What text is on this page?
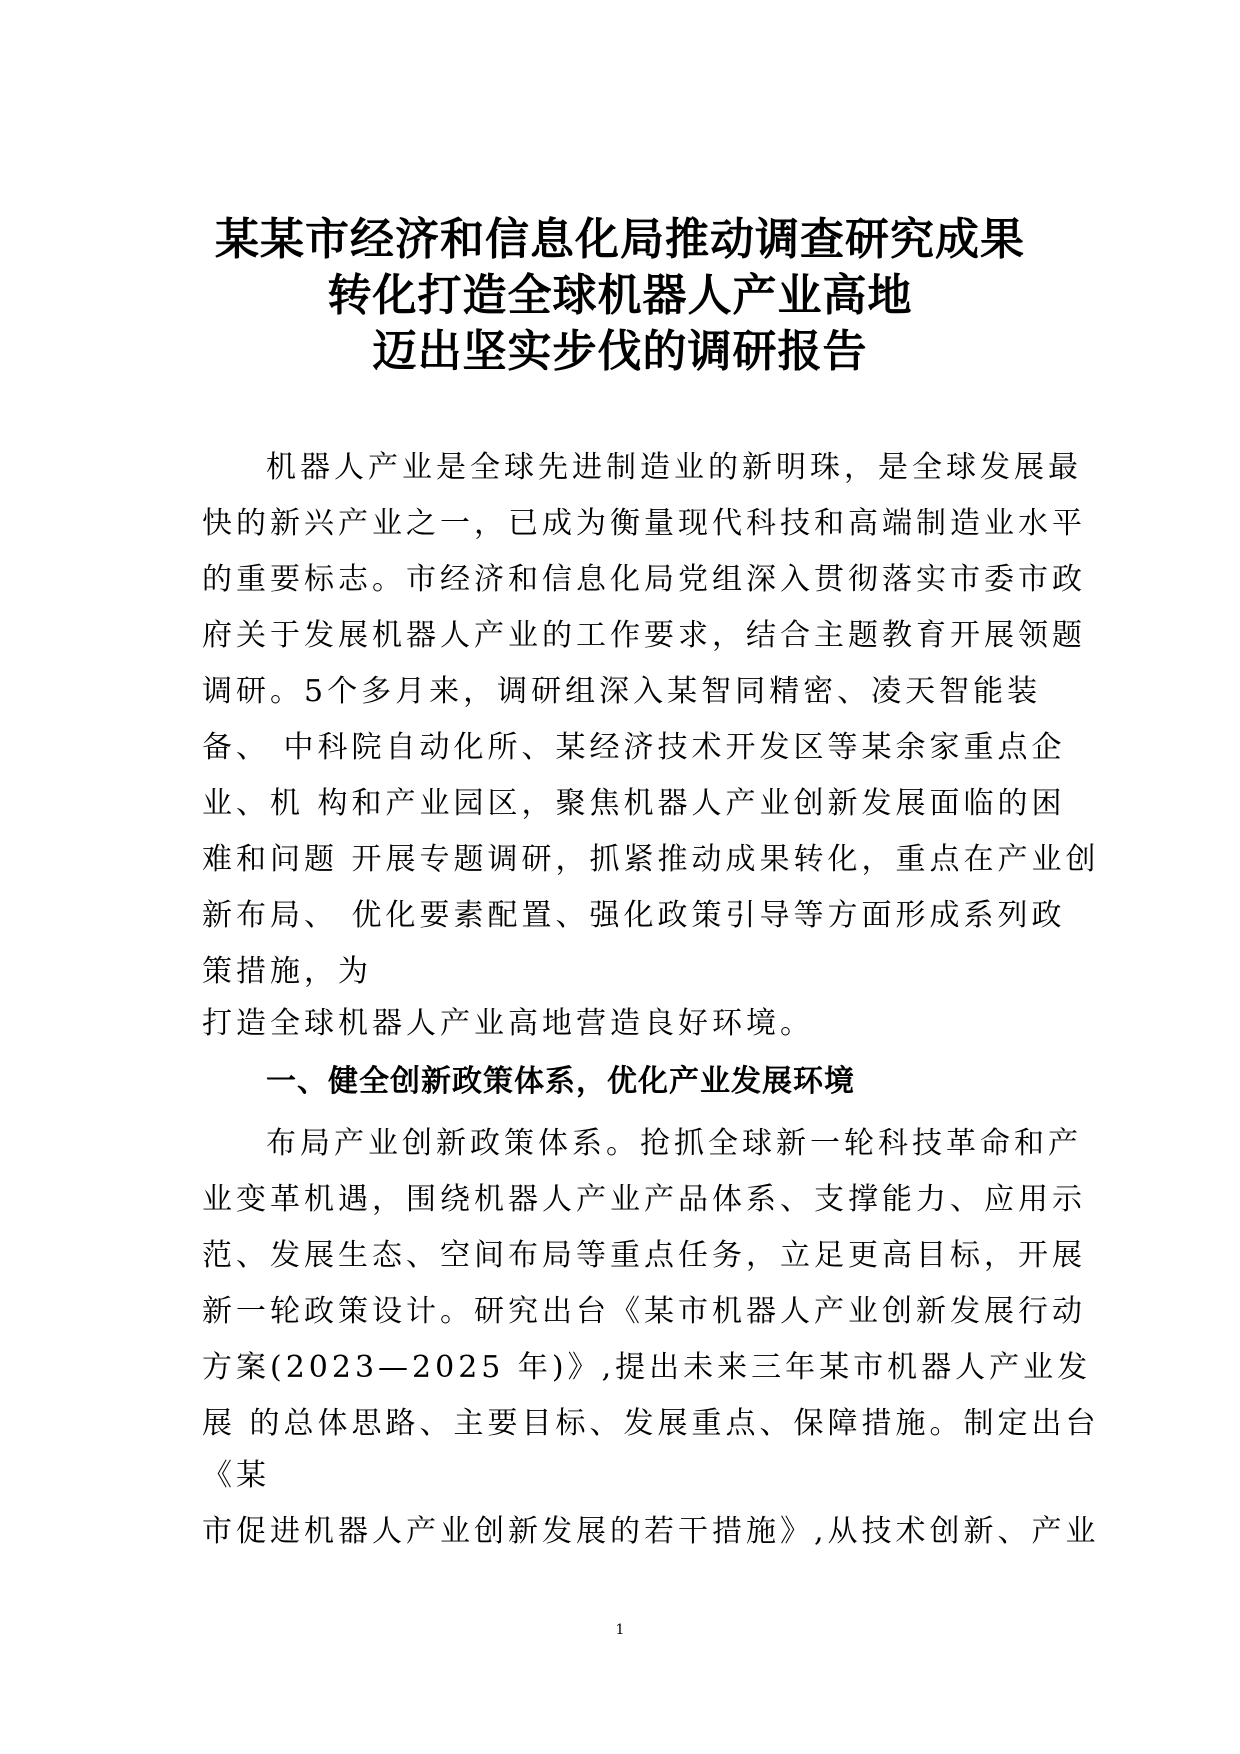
某某市经济和信息化局推动调查研究成果
转化打造全球机器人产业高地
迈出坚实步伐的调研报告
机器人产业是全球先进制造业的新明珠，是全球发展最
快的新兴产业之一，已成为衡量现代科技和高端制造业水平
的重要标志。市经济和信息化局党组深入贯彻落实市委市政
府关于发展机器人产业的工作要求，结合主题教育开展领题
调研。5个多月来，调研组深入某智同精密、凌天智能装
备、 中科院自动化所、某经济技术开发区等某余家重点企
业、机 构和产业园区，聚焦机器人产业创新发展面临的困
难和问题 开展专题调研，抓紧推动成果转化，重点在产业创
新布局、 优化要素配置、强化政策引导等方面形成系列政
策措施，为
打造全球机器人产业高地营造良好环境。
一、健全创新政策体系，优化产业发展环境
布局产业创新政策体系。抢抓全球新一轮科技革命和产
业变革机遇，围绕机器人产业产品体系、支撑能力、应用示
范、发展生态、空间布局等重点任务，立足更高目标，开展
新一轮政策设计。研究出台《某市机器人产业创新发展行动
方案(2023—2025 年)》,提出未来三年某市机器人产业发
展 的总体思路、主要目标、发展重点、保障措施。制定出台
《某
市促进机器人产业创新发展的若干措施》,从技术创新、产业
1
